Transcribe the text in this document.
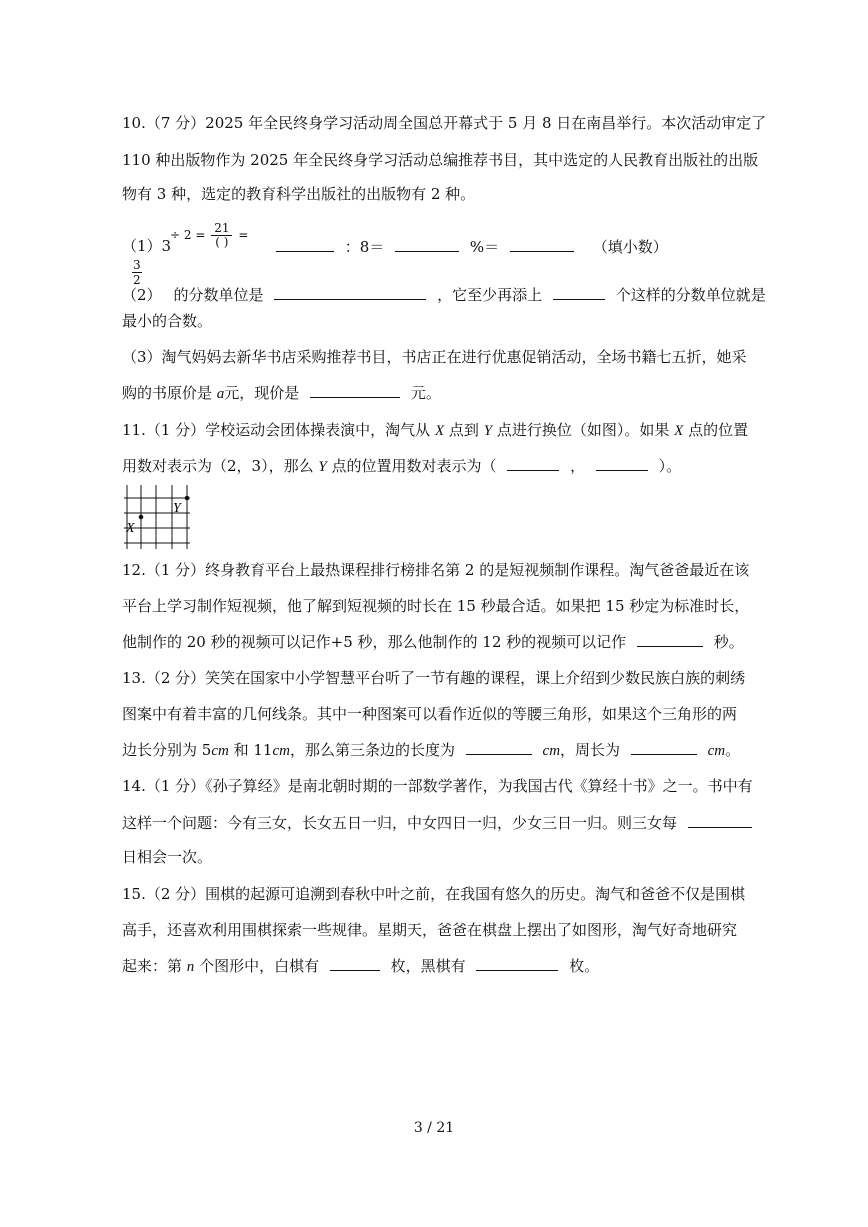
10.（7 分）2025 年全民终身学习活动周全国总开幕式于 5 月 8 日在南昌举行。本次活动审定了
110 种出版物作为 2025 年全民终身学习活动总编推荐书目，其中选定的人民教育出版社的出版
物有 3 种，选定的教育科学出版社的出版物有 2 种。
（1）3
÷ $2 = \frac{21}{( )}$ =
：8＝	%＝	（填小数）
$\frac{3}{2}$
（2） 的分数单位是	，它至少再添上	个这样的分数单位就是
最小的合数。
（3）淘气妈妈去新华书店采购推荐书目，书店正在进行优惠促销活动，全场书籍七五折，她采
购的书原价是 a元，现价是	元。
11.（1 分）学校运动会团体操表演中，淘气从 X 点到 Y 点进行换位（如图）。如果 X 点的位置
用数对表示为（2，3），那么 Y 点的位置用数对表示为（	，	）。
X
Y
12.（1 分）终身教育平台上最热课程排行榜排名第 2 的是短视频制作课程。淘气爸爸最近在该
平台上学习制作短视频，他了解到短视频的时长在 15 秒最合适。如果把 15 秒定为标准时长，
他制作的 20 秒的视频可以记作+5 秒，那么他制作的 12 秒的视频可以记作	秒。
13.（2 分）笑笑在国家中小学智慧平台听了一节有趣的课程，课上介绍到少数民族白族的刺绣
图案中有着丰富的几何线条。其中一种图案可以看作近似的等腰三角形，如果这个三角形的两
边长分别为 5cm 和 11cm，那么第三条边的长度为	cm，周长为	cm。
14.（1 分）《孙子算经》是南北朝时期的一部数学著作，为我国古代《算经十书》之一。书中有
这样一个问题：今有三女，长女五日一归，中女四日一归，少女三日一归。则三女每
日相会一次。
15.（2 分）围棋的起源可追溯到春秋中叶之前，在我国有悠久的历史。淘气和爸爸不仅是围棋
高手，还喜欢利用围棋探索一些规律。星期天，爸爸在棋盘上摆出了如图形，淘气好奇地研究
起来：第 n 个图形中，白棋有	枚，黑棋有	枚。
3 / 21
